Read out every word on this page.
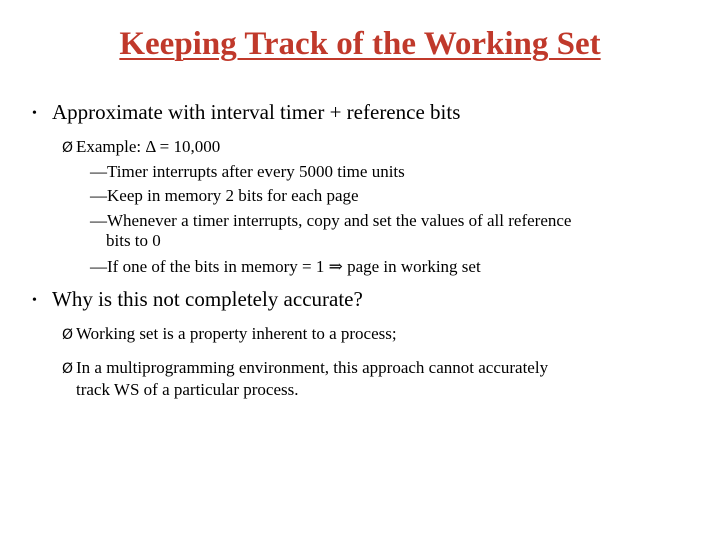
Keeping Track of the Working Set
• Approximate with interval timer + reference bits
Ø Example: Δ = 10,000
—Timer interrupts after every 5000 time units
—Keep in memory 2 bits for each page
—Whenever a timer interrupts, copy and set the values of all reference
bits to 0
—If one of the bits in memory = 1 ⇒ page in working set
• Why is this not completely accurate?
Ø Working set is a property inherent to a process;
Ø In a multiprogramming environment, this approach cannot accurately
track WS of a particular process.
